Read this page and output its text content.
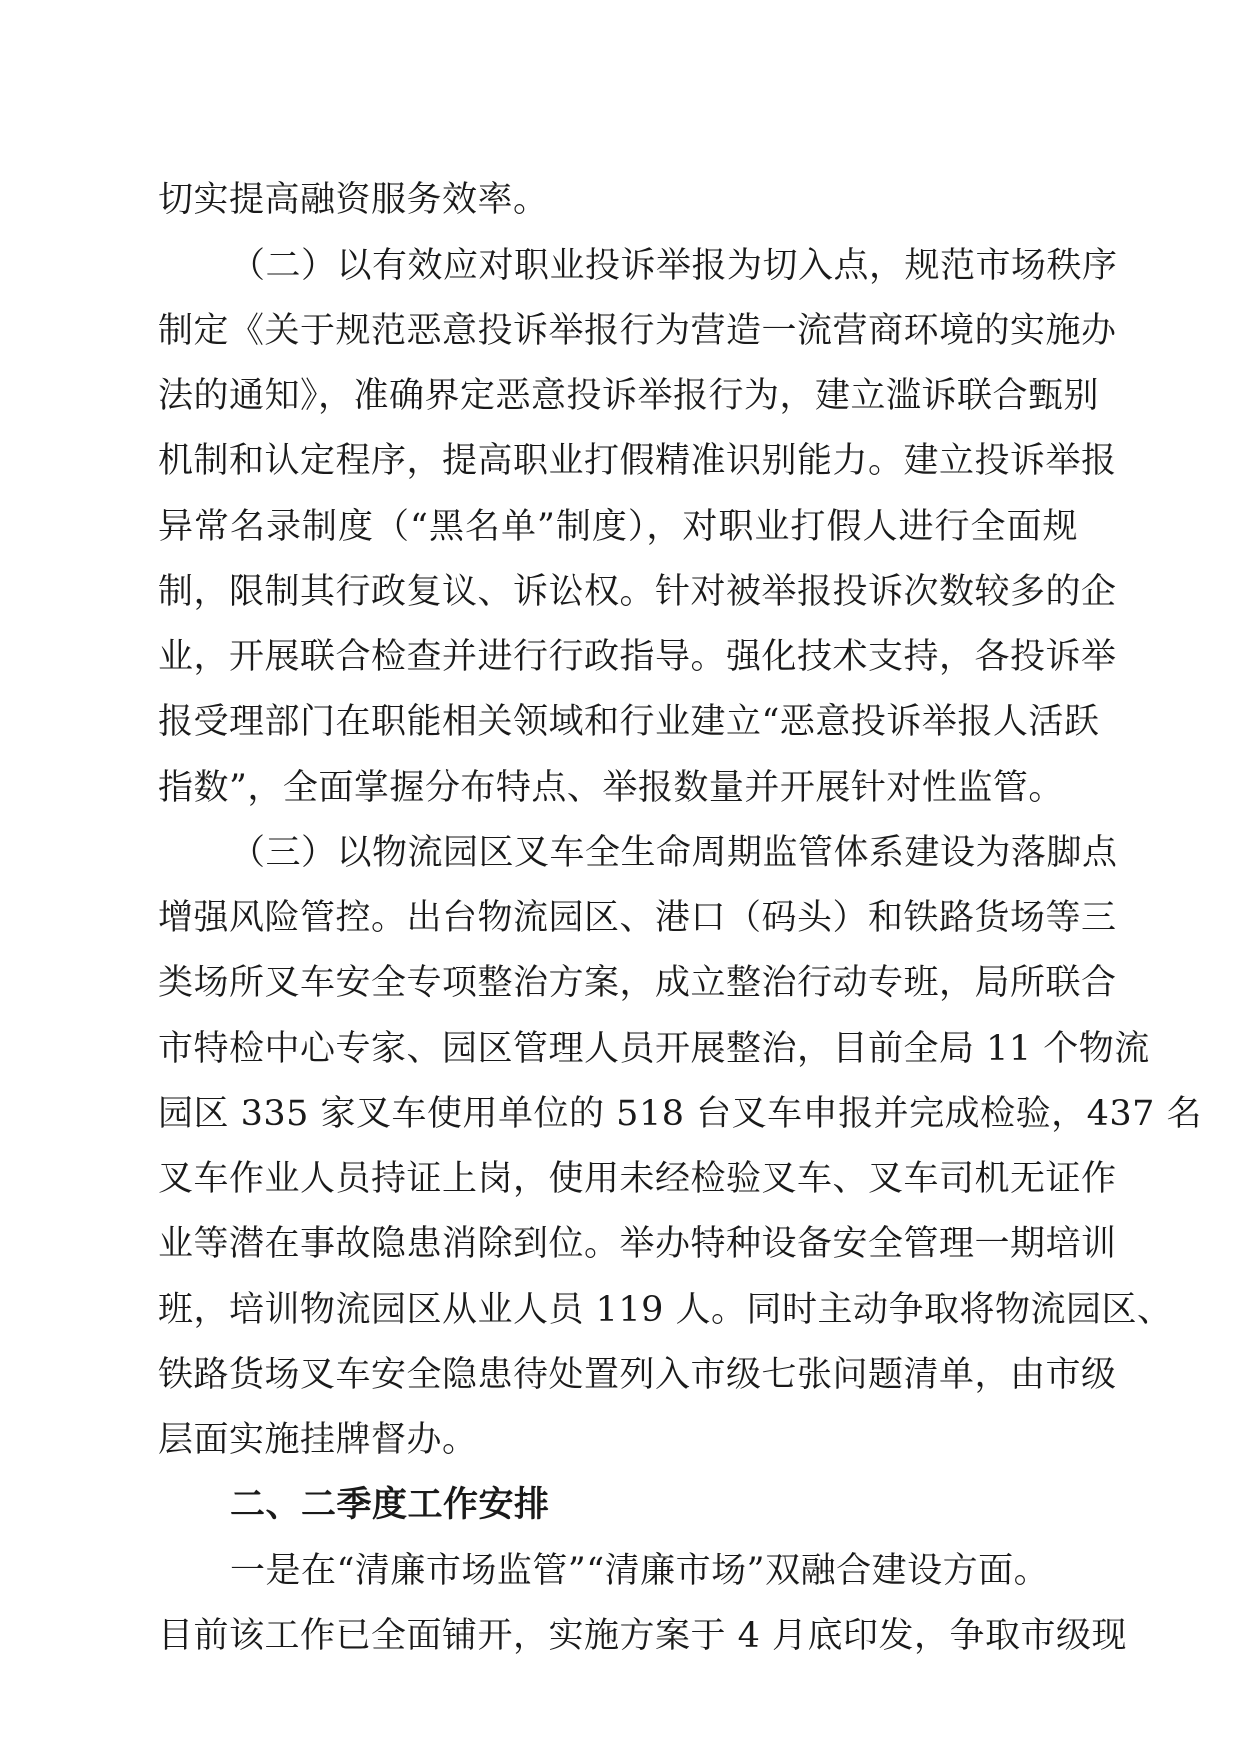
切实提高融资服务效率。
（二）以有效应对职业投诉举报为切入点，规范市场秩序
制定《关于规范恶意投诉举报行为营造一流营商环境的实施办
法的通知》，准确界定恶意投诉举报行为，建立滥诉联合甄别
机制和认定程序，提高职业打假精准识别能力。建立投诉举报
异常名录制度（“黑名单”制度），对职业打假人进行全面规
制，限制其行政复议、诉讼权。针对被举报投诉次数较多的企
业，开展联合检查并进行行政指导。强化技术支持，各投诉举
报受理部门在职能相关领域和行业建立“恶意投诉举报人活跃
指数”，全面掌握分布特点、举报数量并开展针对性监管。
（三）以物流园区叉车全生命周期监管体系建设为落脚点
增强风险管控。出台物流园区、港口（码头）和铁路货场等三
类场所叉车安全专项整治方案，成立整治行动专班，局所联合
市特检中心专家、园区管理人员开展整治，目前全局 11 个物流
园区 335 家叉车使用单位的 518 台叉车申报并完成检验，437 名
叉车作业人员持证上岗，使用未经检验叉车、叉车司机无证作
业等潜在事故隐患消除到位。举办特种设备安全管理一期培训
班，培训物流园区从业人员 119 人。同时主动争取将物流园区、
铁路货场叉车安全隐患待处置列入市级七张问题清单，由市级
层面实施挂牌督办。
二、二季度工作安排
一是在“清廉市场监管”“清廉市场”双融合建设方面。
目前该工作已全面铺开，实施方案于 4 月底印发，争取市级现
